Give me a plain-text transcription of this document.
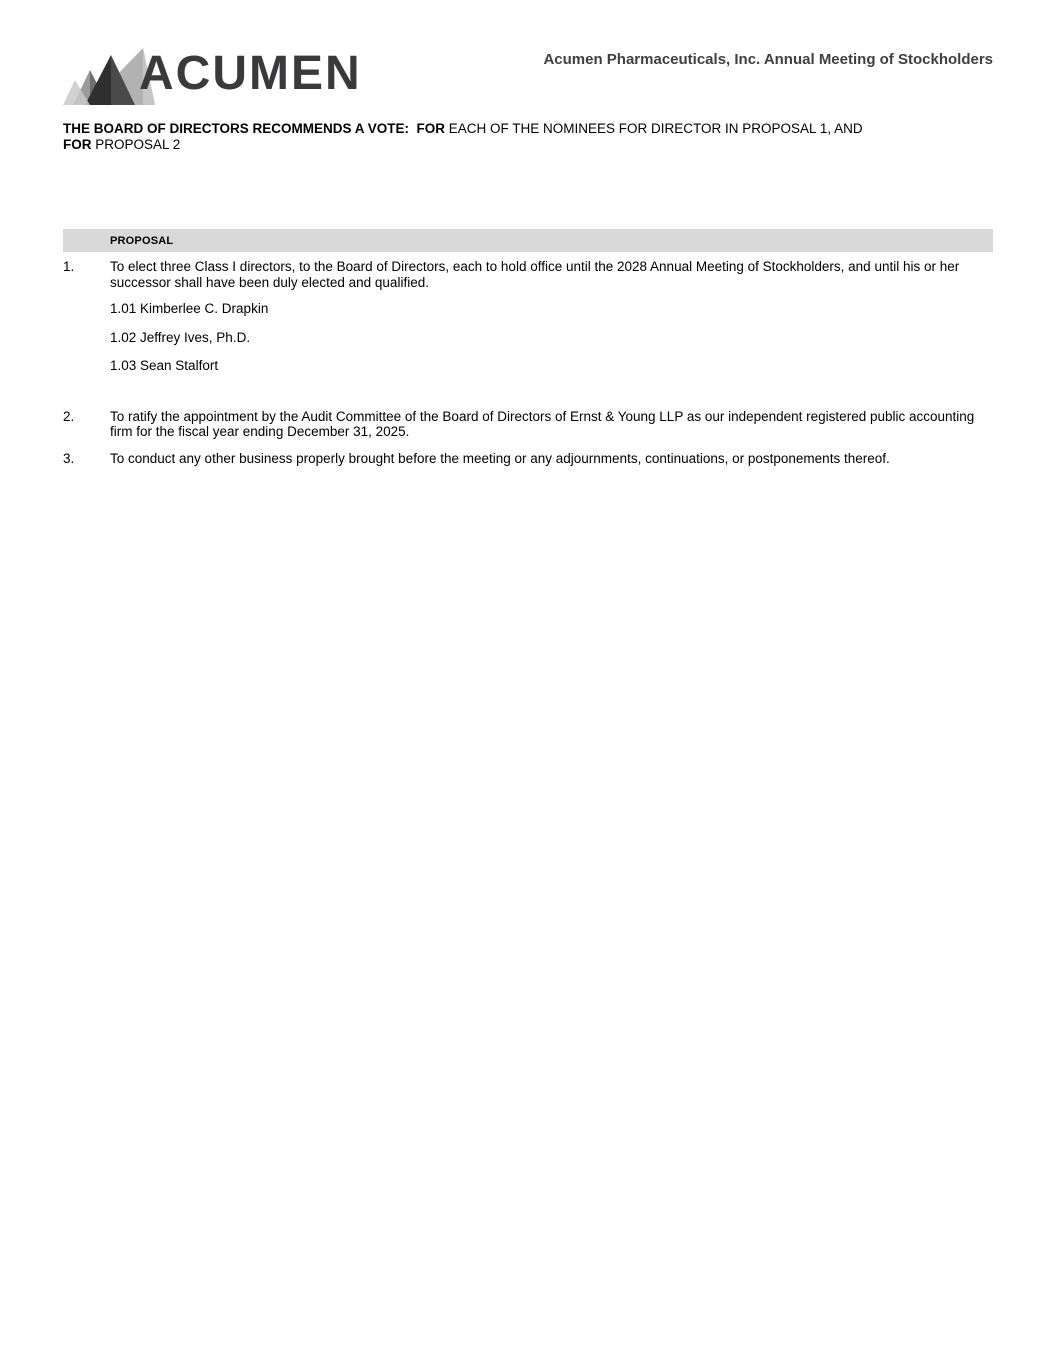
ACUMEN	Acumen Pharmaceuticals, Inc. Annual Meeting of Stockholders

THE BOARD OF DIRECTORS RECOMMENDS A VOTE:  FOR EACH OF THE NOMINEES FOR DIRECTOR IN PROPOSAL 1, AND
FOR PROPOSAL 2

PROPOSAL
1.	To elect three Class I directors, to the Board of Directors, each to hold office until the 2028 Annual Meeting of Stockholders, and until his or her successor shall have been duly elected and qualified.

1.01 Kimberlee C. Drapkin

1.02 Jeffrey Ives, Ph.D.

1.03 Sean Stalfort

2.	To ratify the appointment by the Audit Committee of the Board of Directors of Ernst & Young LLP as our independent registered public accounting firm for the fiscal year ending December 31, 2025.

3.	To conduct any other business properly brought before the meeting or any adjournments, continuations, or postponements thereof.
